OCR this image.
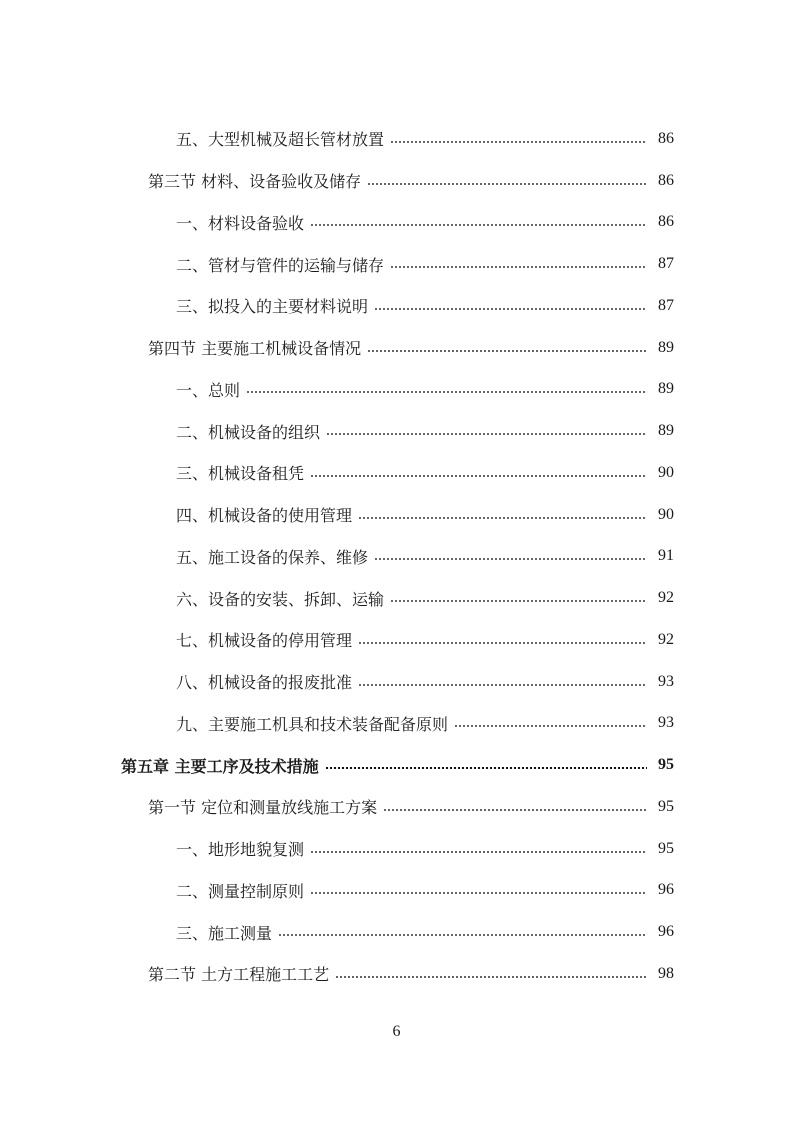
五、大型机械及超长管材放置	86
第三节 材料、设备验收及储存	86
一、材料设备验收	86
二、管材与管件的运输与储存	87
三、拟投入的主要材料说明	87
第四节 主要施工机械设备情况	89
一、总则	89
二、机械设备的组织	89
三、机械设备租凭	90
四、机械设备的使用管理	90
五、施工设备的保养、维修	91
六、设备的安装、拆卸、运输	92
七、机械设备的停用管理	92
八、机械设备的报废批准	93
九、主要施工机具和技术装备配备原则	93
第五章 主要工序及技术措施	95
第一节 定位和测量放线施工方案	95
一、地形地貌复测	95
二、测量控制原则	96
三、施工测量	96
第二节 土方工程施工工艺	98
6
